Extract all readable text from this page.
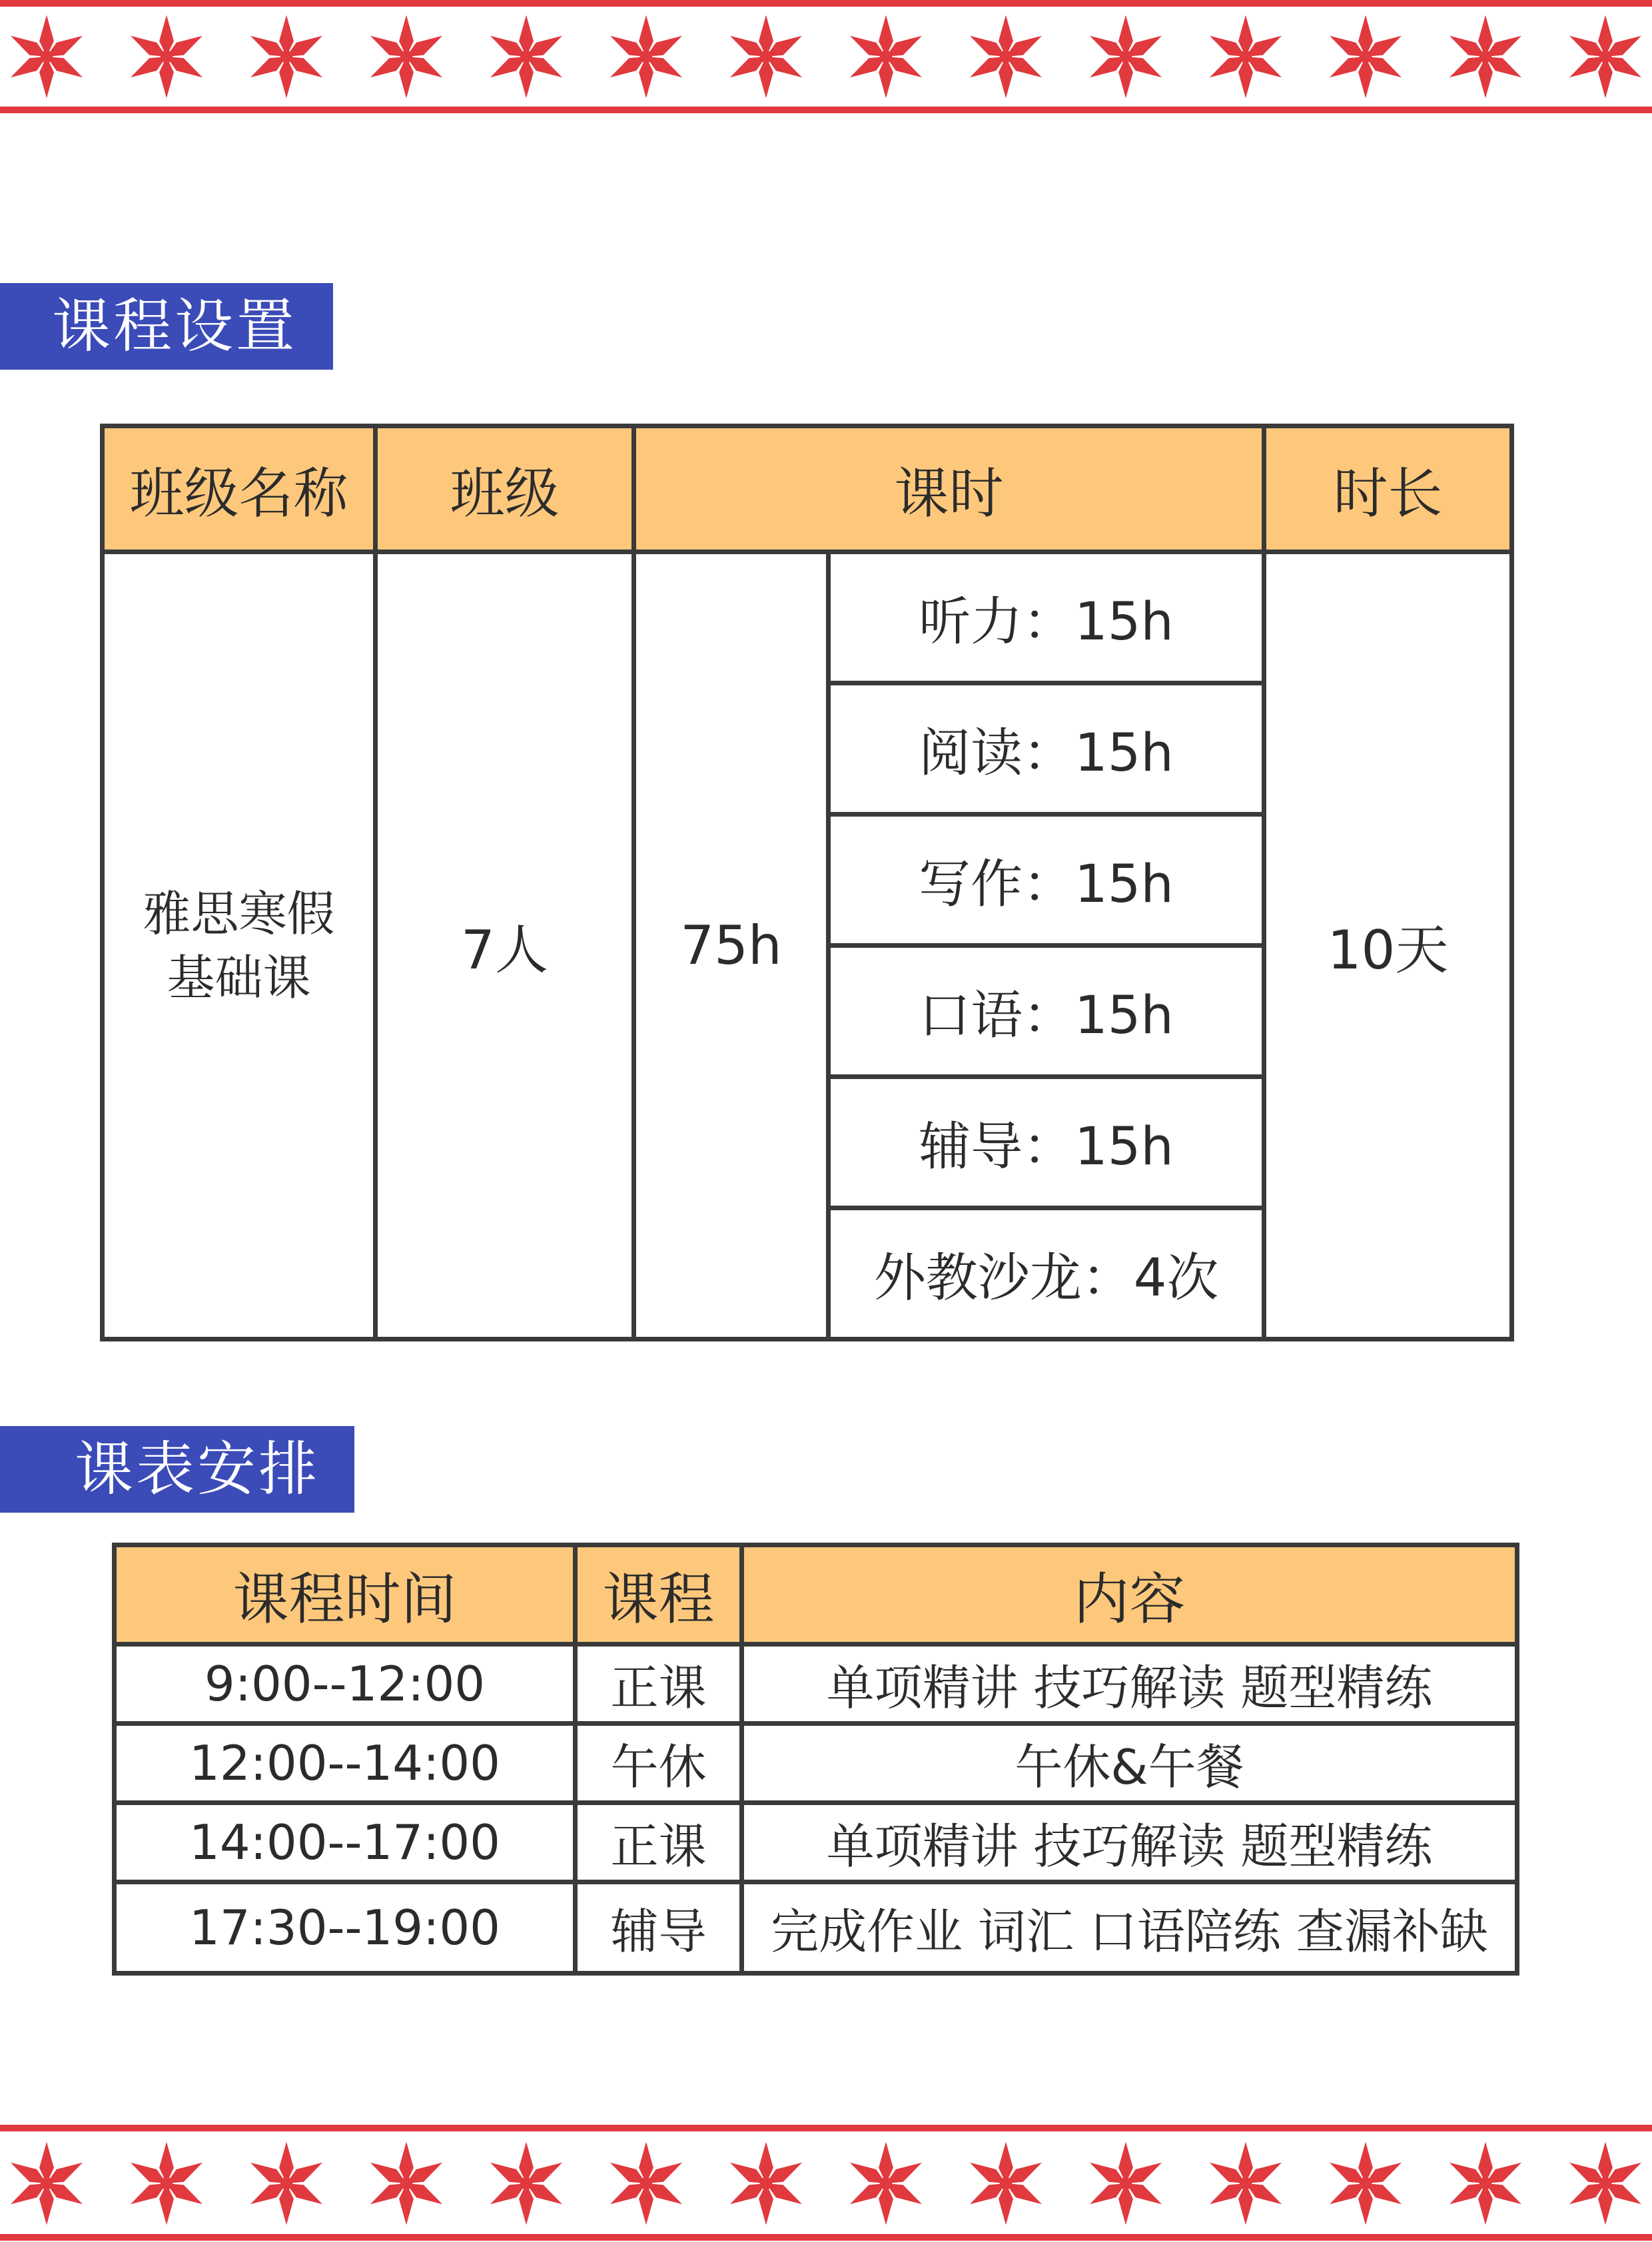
课程设置
班级名称	班级	课时		时长

雅思寒假
基础课	7人	75h	听力：15h	10天
			阅读：15h	
			写作：15h	
			口语：15h	
			辅导：15h	
			外教沙龙：4次	
课表安排
课程时间	课程	内容
9:00--12:00	正课	单项精讲 技巧解读 题型精练
12:00--14:00	午休	午休&午餐
14:00--17:00	正课	单项精讲 技巧解读 题型精练
17:30--19:00	辅导	完成作业 词汇 口语陪练 查漏补缺
